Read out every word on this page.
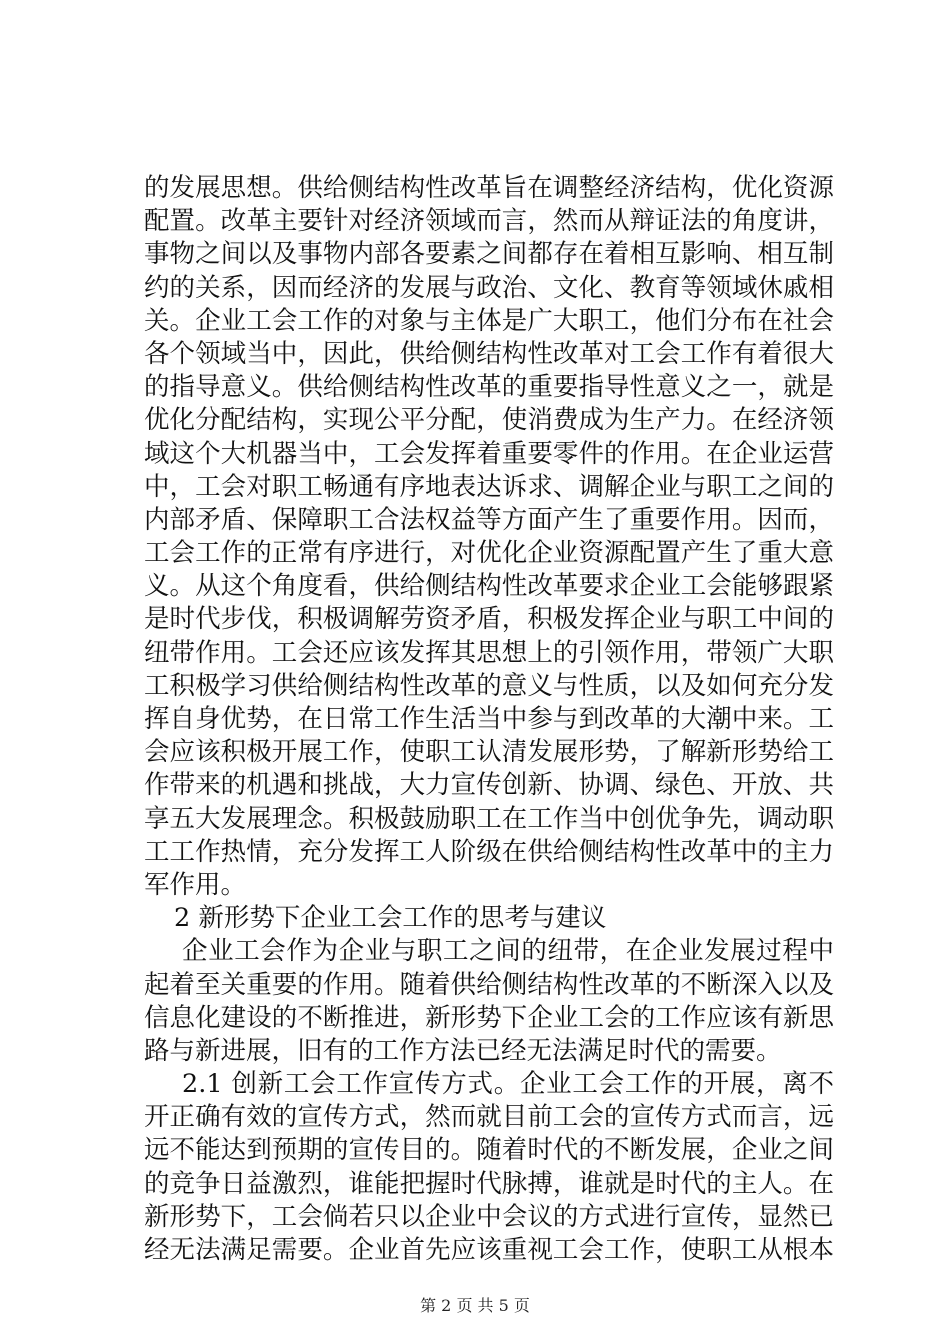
的发展思想。供给侧结构性改革旨在调整经济结构，优化资源
配置。改革主要针对经济领域而言，然而从辩证法的角度讲，
事物之间以及事物内部各要素之间都存在着相互影响、相互制
约的关系，因而经济的发展与政治、文化、教育等领域休戚相
关。企业工会工作的对象与主体是广大职工，他们分布在社会
各个领域当中，因此，供给侧结构性改革对工会工作有着很大
的指导意义。供给侧结构性改革的重要指导性意义之一，就是
优化分配结构，实现公平分配，使消费成为生产力。在经济领
域这个大机器当中，工会发挥着重要零件的作用。在企业运营
中，工会对职工畅通有序地表达诉求、调解企业与职工之间的
内部矛盾、保障职工合法权益等方面产生了重要作用。因而，
工会工作的正常有序进行，对优化企业资源配置产生了重大意
义。从这个角度看，供给侧结构性改革要求企业工会能够跟紧
是时代步伐，积极调解劳资矛盾，积极发挥企业与职工中间的
纽带作用。工会还应该发挥其思想上的引领作用，带领广大职
工积极学习供给侧结构性改革的意义与性质，以及如何充分发
挥自身优势，在日常工作生活当中参与到改革的大潮中来。工
会应该积极开展工作，使职工认清发展形势，了解新形势给工
作带来的机遇和挑战，大力宣传创新、协调、绿色、开放、共
享五大发展理念。积极鼓励职工在工作当中创优争先，调动职
工工作热情，充分发挥工人阶级在供给侧结构性改革中的主力
军作用。
2 新形势下企业工会工作的思考与建议
企业工会作为企业与职工之间的纽带，在企业发展过程中
起着至关重要的作用。随着供给侧结构性改革的不断深入以及
信息化建设的不断推进，新形势下企业工会的工作应该有新思
路与新进展，旧有的工作方法已经无法满足时代的需要。
2.1 创新工会工作宣传方式。企业工会工作的开展，离不
开正确有效的宣传方式，然而就目前工会的宣传方式而言，远
远不能达到预期的宣传目的。随着时代的不断发展，企业之间
的竞争日益激烈，谁能把握时代脉搏，谁就是时代的主人。在
新形势下，工会倘若只以企业中会议的方式进行宣传，显然已
经无法满足需要。企业首先应该重视工会工作，使职工从根本
第 2 页 共 5 页
